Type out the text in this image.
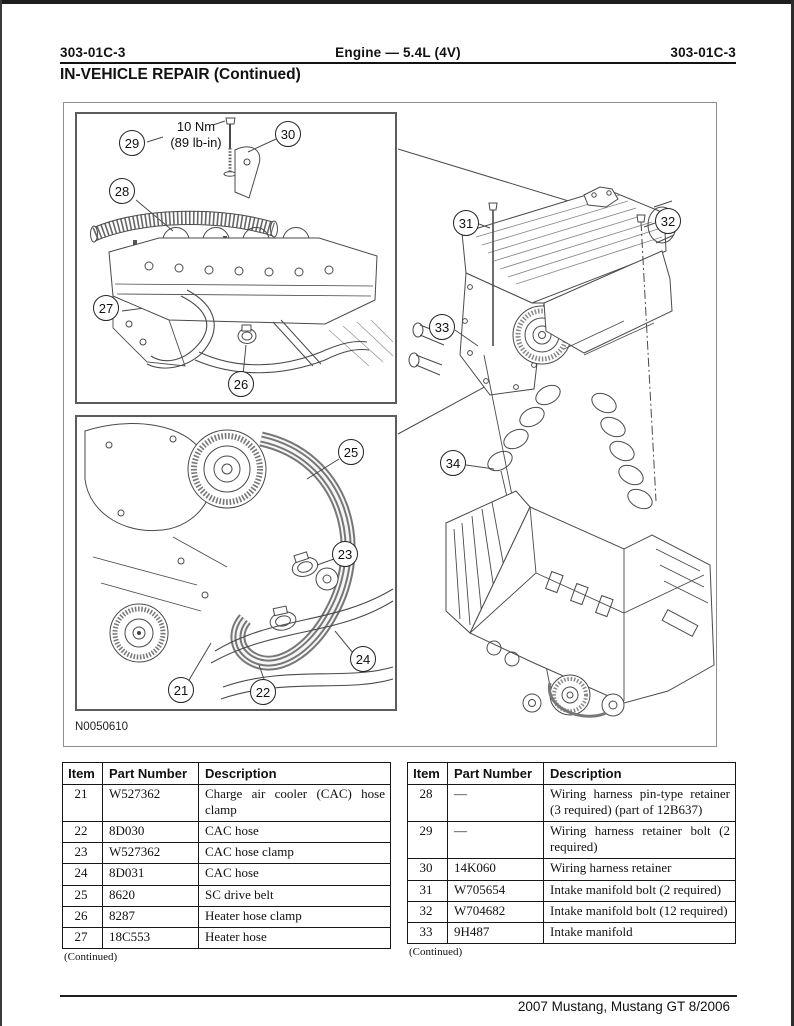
303-01C-3	Engine — 5.4L (4V)	303-01C-3
IN-VEHICLE REPAIR (Continued)
10 Nm
(89 lb-in)
29
30
28
27
26
25
23
24
21	22
31	32
33
34
N0050610
Item	Part Number	Description
21	W527362	Charge air cooler (CAC) hose clamp
22	8D030	CAC hose
23	W527362	CAC hose clamp
24	8D031	CAC hose
25	8620	SC drive belt
26	8287	Heater hose clamp
27	18C553	Heater hose
(Continued)
Item	Part Number	Description
28	—	Wiring harness pin-type retainer (3 required) (part of 12B637)
29	—	Wiring harness retainer bolt (2 required)
30	14K060	Wiring harness retainer
31	W705654	Intake manifold bolt (2 required)
32	W704682	Intake manifold bolt (12 required)
33	9H487	Intake manifold
(Continued)
2007 Mustang, Mustang GT 8/2006
